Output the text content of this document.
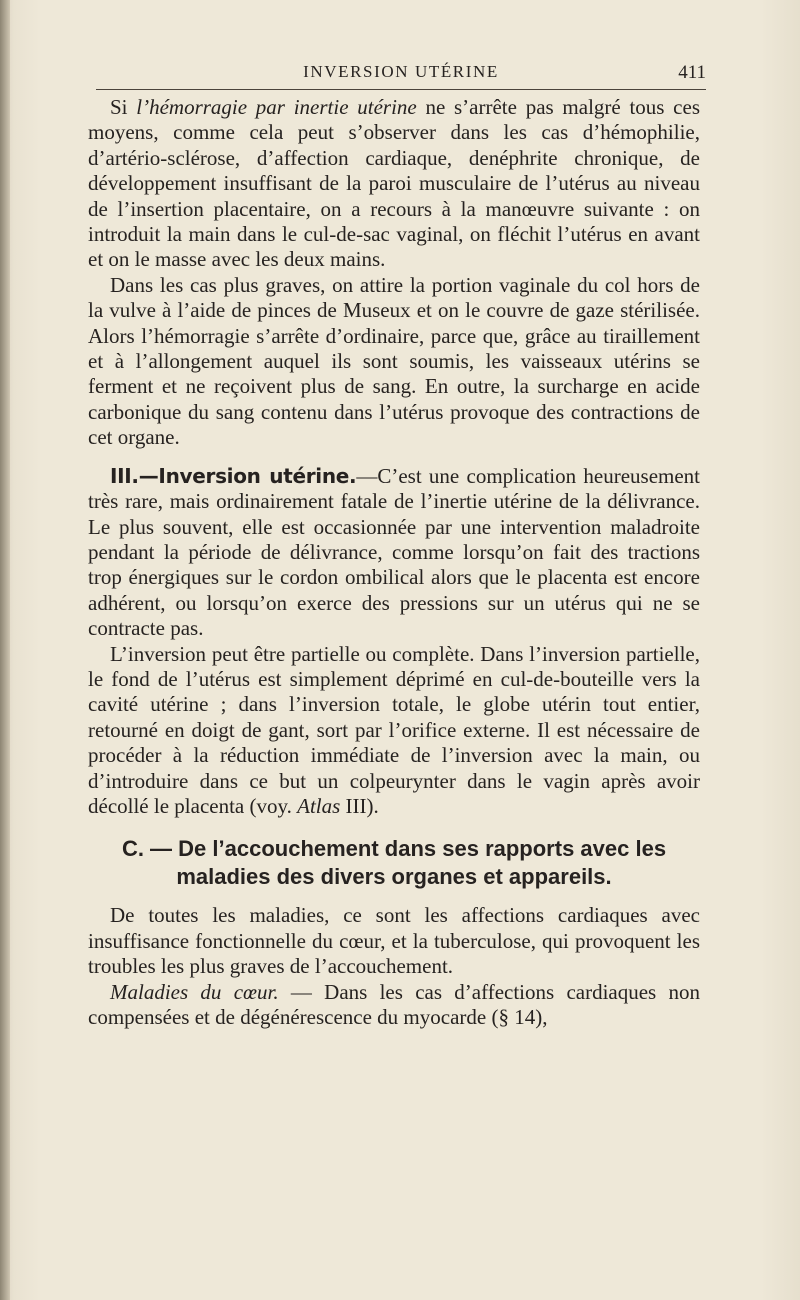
INVERSION UTÉRINE	411

Si l’hémorragie par inertie utérine ne s’arrête pas malgré tous ces moyens, comme cela peut s’observer dans les cas d’hémophilie, d’artério-sclérose, d’affection cardiaque, denéphrite chronique, de développement insuffisant de la paroi musculaire de l’utérus au niveau de l’insertion placentaire, on a recours à la manœuvre suivante : on introduit la main dans le cul-de-sac vaginal, on fléchit l’utérus en avant et on le masse avec les deux mains.

Dans les cas plus graves, on attire la portion vaginale du col hors de la vulve à l’aide de pinces de Museux et on le couvre de gaze stérilisée. Alors l’hémorragie s’arrête d’ordinaire, parce que, grâce au tiraillement et à l’allongement auquel ils sont soumis, les vaisseaux utérins se ferment et ne reçoivent plus de sang. En outre, la surcharge en acide carbonique du sang contenu dans l’utérus provoque des contractions de cet organe.

III.—Inversion utérine.—C’est une complication heureusement très rare, mais ordinairement fatale de l’inertie utérine de la délivrance. Le plus souvent, elle est occasionnée par une intervention maladroite pendant la période de délivrance, comme lorsqu’on fait des tractions trop énergiques sur le cordon ombilical alors que le placenta est encore adhérent, ou lorsqu’on exerce des pressions sur un utérus qui ne se contracte pas.

L’inversion peut être partielle ou complète. Dans l’inversion partielle, le fond de l’utérus est simplement déprimé en cul-de-bouteille vers la cavité utérine ; dans l’inversion totale, le globe utérin tout entier, retourné en doigt de gant, sort par l’orifice externe. Il est nécessaire de procéder à la réduction immédiate de l’inversion avec la main, ou d’introduire dans ce but un colpeurynter dans le vagin après avoir décollé le placenta (voy. Atlas III).

C. — De l’accouchement dans ses rapports avec les
maladies des divers organes et appareils.

De toutes les maladies, ce sont les affections cardiaques avec insuffisance fonctionnelle du cœur, et la tuberculose, qui provoquent les troubles les plus graves de l’accouchement.

Maladies du cœur. — Dans les cas d’affections cardiaques non compensées et de dégénérescence du myocarde (§ 14),
